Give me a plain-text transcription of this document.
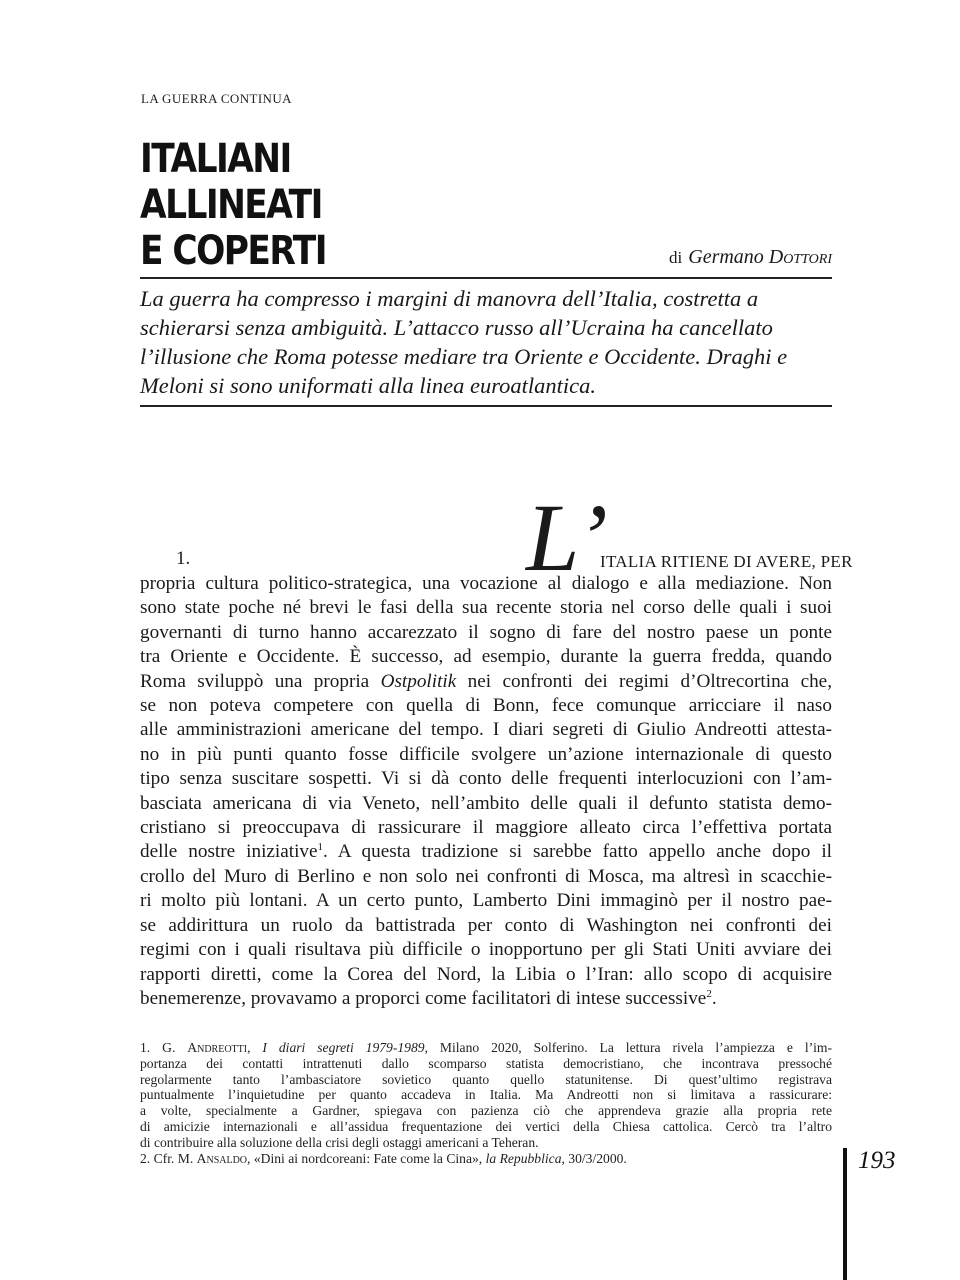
LA GUERRA CONTINUA
ITALIANI
ALLINEATI
E COPERTI	di Germano Dottori

La guerra ha compresso i margini di manovra dell’Italia, costretta a schierarsi senza ambiguità. L’attacco russo all’Ucraina ha cancellato l’illusione che Roma potesse mediare tra Oriente e Occidente. Draghi e Meloni si sono uniformati alla linea euroatlantica.

L’
1.	ITALIA RITIENE DI AVERE, PER
propria cultura politico-strategica, una vocazione al dialogo e alla mediazione. Non
sono state poche né brevi le fasi della sua recente storia nel corso delle quali i suoi
governanti di turno hanno accarezzato il sogno di fare del nostro paese un ponte
tra Oriente e Occidente. È successo, ad esempio, durante la guerra fredda, quando
Roma sviluppò una propria Ostpolitik nei confronti dei regimi d’Oltrecortina che,
se non poteva competere con quella di Bonn, fece comunque arricciare il naso
alle amministrazioni americane del tempo. I diari segreti di Giulio Andreotti attesta-
no in più punti quanto fosse difficile svolgere un’azione internazionale di questo
tipo senza suscitare sospetti. Vi si dà conto delle frequenti interlocuzioni con l’am-
basciata americana di via Veneto, nell’ambito delle quali il defunto statista demo-
cristiano si preoccupava di rassicurare il maggiore alleato circa l’effettiva portata
delle nostre iniziative$^1$. A questa tradizione si sarebbe fatto appello anche dopo il
crollo del Muro di Berlino e non solo nei confronti di Mosca, ma altresì in scacchie-
ri molto più lontani. A un certo punto, Lamberto Dini immaginò per il nostro pae-
se addirittura un ruolo da battistrada per conto di Washington nei confronti dei
regimi con i quali risultava più difficile o inopportuno per gli Stati Uniti avviare dei
rapporti diretti, come la Corea del Nord, la Libia o l’Iran: allo scopo di acquisire
benemerenze, provavamo a proporci come facilitatori di intese successive$^2$.
1. G. Andreotti, I diari segreti 1979-1989, Milano 2020, Solferino. La lettura rivela l’ampiezza e l’im-
portanza dei contatti intrattenuti dallo scomparso statista democristiano, che incontrava pressoché
regolarmente tanto l’ambasciatore sovietico quanto quello statunitense. Di quest’ultimo registrava
puntualmente l’inquietudine per quanto accadeva in Italia. Ma Andreotti non si limitava a rassicurare:
a volte, specialmente a Gardner, spiegava con pazienza ciò che apprendeva grazie alla propria rete
di amicizie internazionali e all’assidua frequentazione dei vertici della Chiesa cattolica. Cercò tra l’altro
di contribuire alla soluzione della crisi degli ostaggi americani a Teheran.
2. Cfr. M. Ansaldo, «Dini ai nordcoreani: Fate come la Cina», la Repubblica, 30/3/2000.	193
